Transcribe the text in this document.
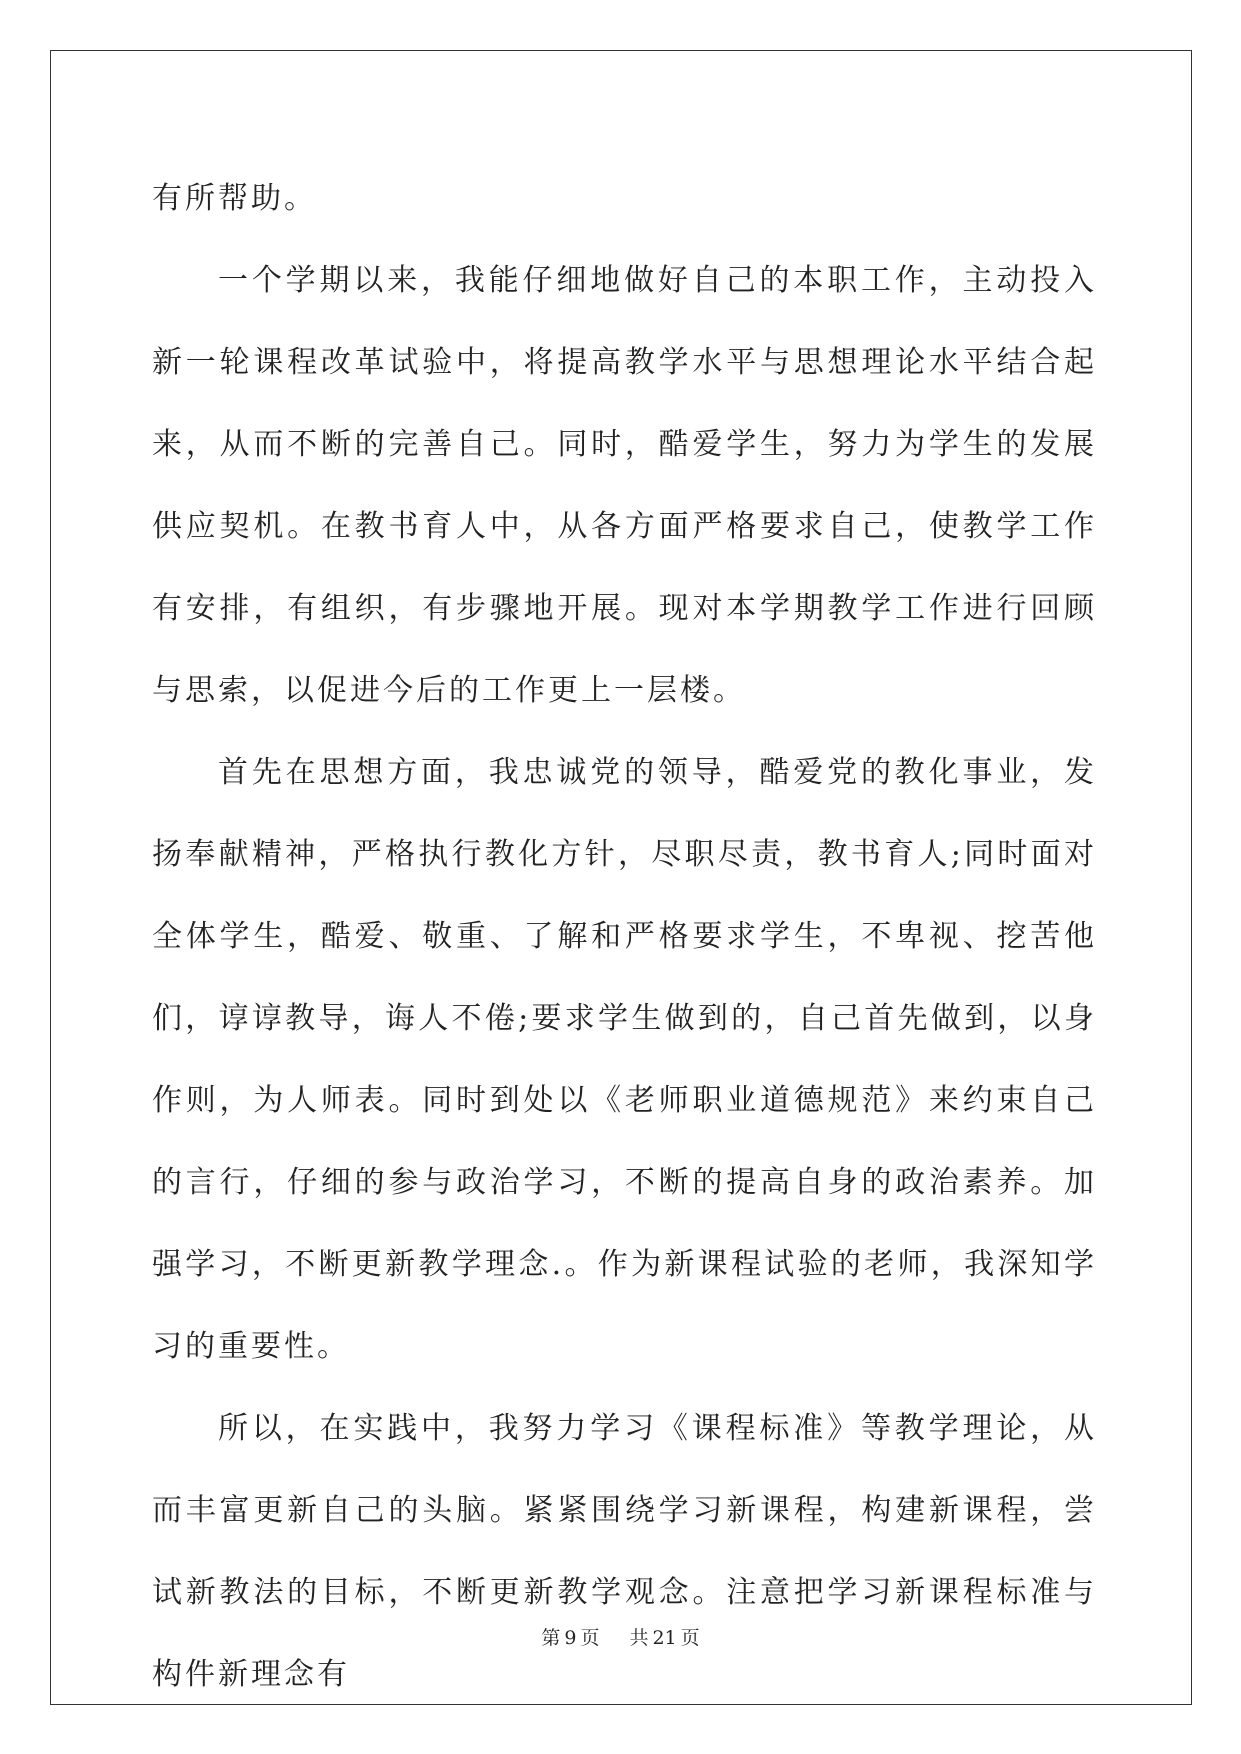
有所帮助。

一个学期以来，我能仔细地做好自己的本职工作，主动投入新一轮课程改革试验中，将提高教学水平与思想理论水平结合起来，从而不断的完善自己。同时，酷爱学生，努力为学生的发展供应契机。在教书育人中，从各方面严格要求自己，使教学工作有安排，有组织，有步骤地开展。现对本学期教学工作进行回顾与思索，以促进今后的工作更上一层楼。

首先在思想方面，我忠诚党的领导，酷爱党的教化事业，发扬奉献精神，严格执行教化方针，尽职尽责，教书育人;同时面对全体学生，酷爱、敬重、了解和严格要求学生，不卑视、挖苦他们，谆谆教导，诲人不倦;要求学生做到的，自己首先做到，以身作则，为人师表。同时到处以《老师职业道德规范》来约束自己的言行，仔细的参与政治学习，不断的提高自身的政治素养。加强学习，不断更新教学理念.。作为新课程试验的老师，我深知学习的重要性。

所以，在实践中，我努力学习《课程标准》等教学理论，从而丰富更新自己的头脑。紧紧围绕学习新课程，构建新课程，尝试新教法的目标，不断更新教学观念。注意把学习新课程标准与构件新理念有

第 9 页 共 21 页
